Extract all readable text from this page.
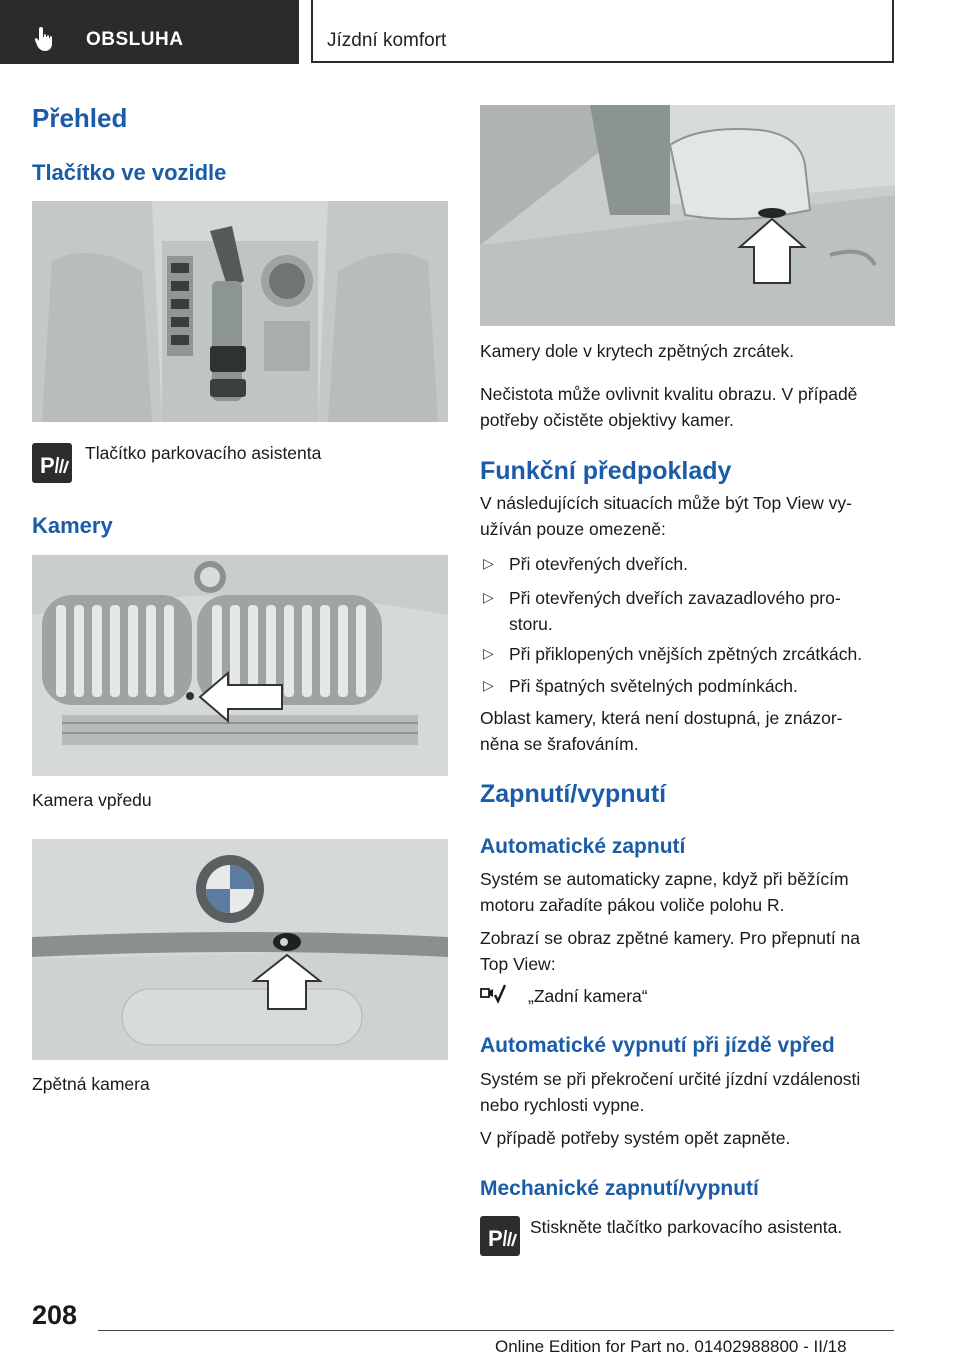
OBSLUHA	Jízdní komfort
Přehled
Tlačítko ve vozidle
P Tlačítko parkovacího asistenta
Kamery
Kamera vpředu
Zpětná kamera
Kamery dole v krytech zpětných zrcátek.
Nečistota může ovlivnit kvalitu obrazu. V případě
potřeby očistěte objektivy kamer.
Funkční předpoklady
V následujících situacích může být Top View vy‐
užíván pouze omezeně:
▷ Při otevřených dveřích.
▷ Při otevřených dveřích zavazadlového pro‐
storu.
▷ Při přiklopených vnějších zpětných zrcátkách.
▷ Při špatných světelných podmínkách.
Oblast kamery, která není dostupná, je znázor‐
něna se šrafováním.
Zapnutí/vypnutí
Automatické zapnutí
Systém se automaticky zapne, když při běžícím
motoru zařadíte pákou voliče polohu R.
Zobrazí se obraz zpětné kamery. Pro přepnutí na
Top View:
„Zadní kamera“
Automatické vypnutí při jízdě vpřed
Systém se při překročení určité jízdní vzdálenosti
nebo rychlosti vypne.
V případě potřeby systém opět zapněte.
Mechanické zapnutí/vypnutí
P Stiskněte tlačítko parkovacího asistenta.
208
Online Edition for Part no. 01402988800 - II/18
